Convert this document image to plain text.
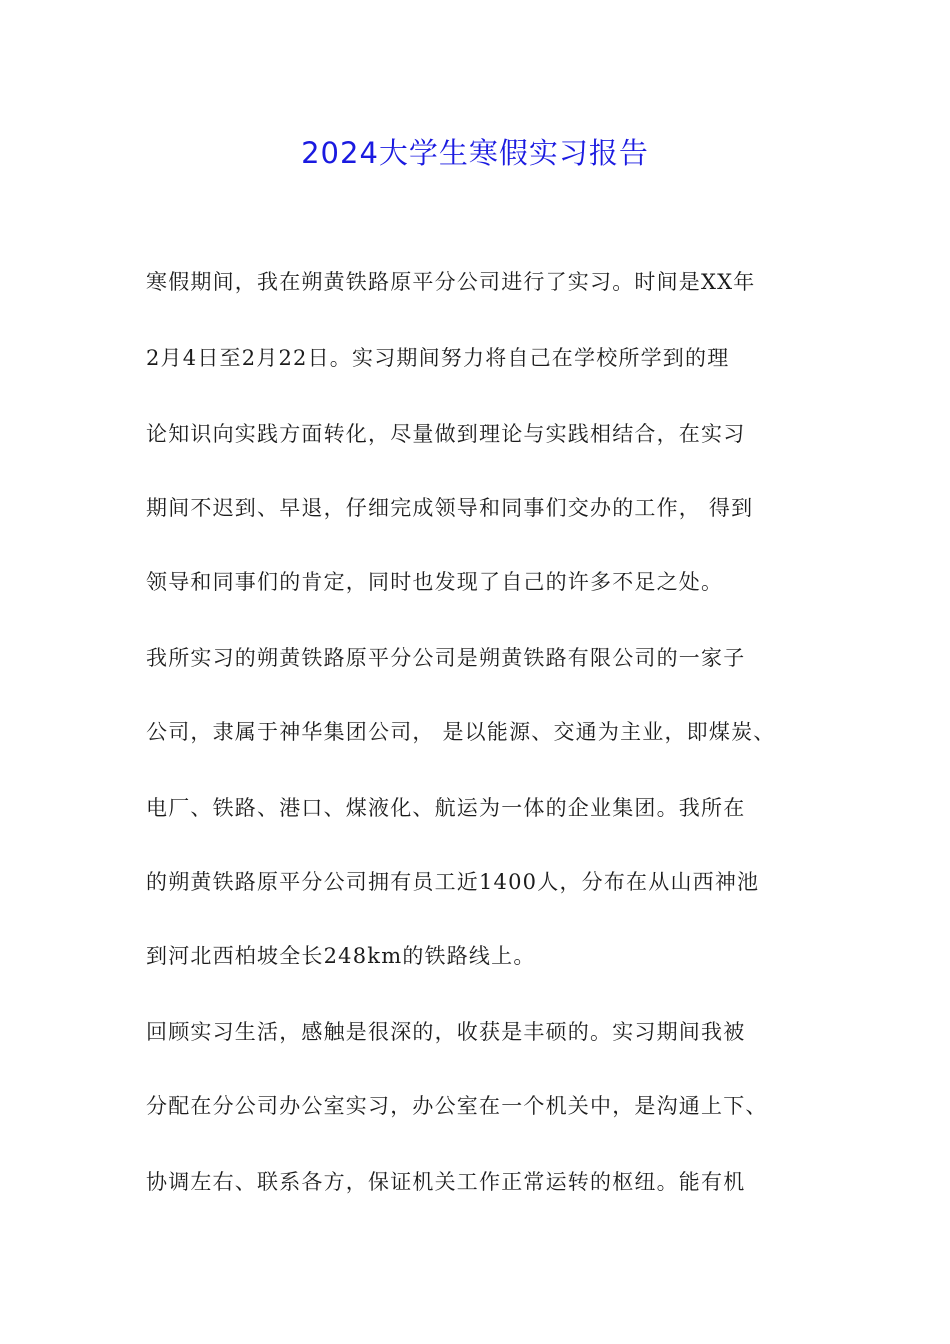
2024大学生寒假实习报告

寒假期间，我在朔黄铁路原平分公司进行了实习。时间是XX年

2月4日至2月22日。实习期间努力将自己在学校所学到的理

论知识向实践方面转化，尽量做到理论与实践相结合，在实习

期间不迟到、早退，仔细完成领导和同事们交办的工作， 得到

领导和同事们的肯定，同时也发现了自己的许多不足之处。

我所实习的朔黄铁路原平分公司是朔黄铁路有限公司的一家子

公司，隶属于神华集团公司， 是以能源、交通为主业，即煤炭、

电厂、铁路、港口、煤液化、航运为一体的企业集团。我所在

的朔黄铁路原平分公司拥有员工近1400人，分布在从山西神池

到河北西柏坡全长248km的铁路线上。

回顾实习生活，感触是很深的，收获是丰硕的。实习期间我被

分配在分公司办公室实习，办公室在一个机关中，是沟通上下、

协调左右、联系各方，保证机关工作正常运转的枢纽。能有机
